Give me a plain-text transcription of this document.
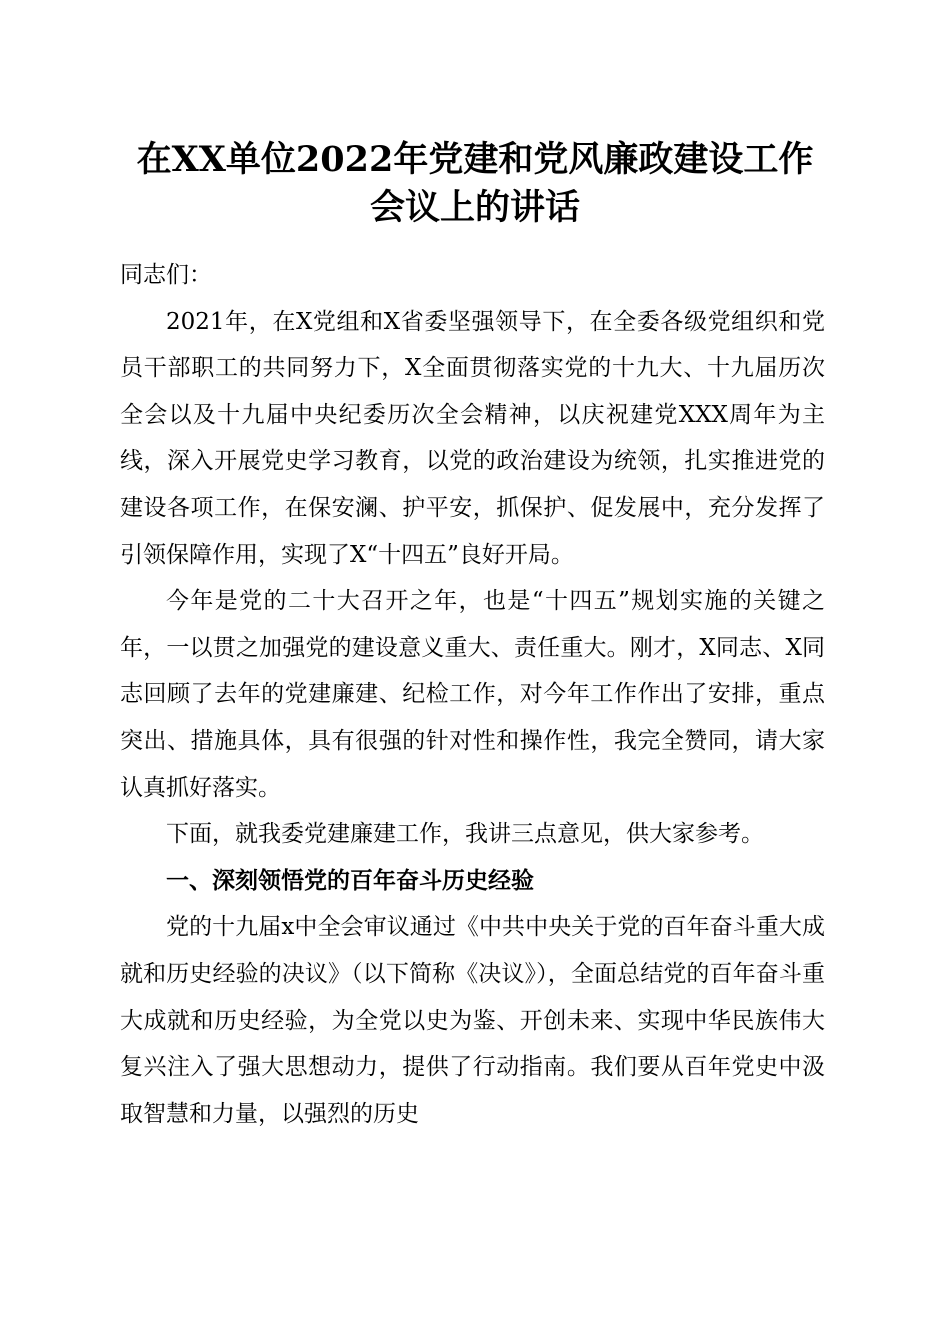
在XX单位2022年党建和党风廉政建设工作
会议上的讲话

同志们：

2021年，在X党组和X省委坚强领导下，在全委各级党组织和党员干部职工的共同努力下，X全面贯彻落实党的十九大、十九届历次全会以及十九届中央纪委历次全会精神，以庆祝建党XXX周年为主线，深入开展党史学习教育，以党的政治建设为统领，扎实推进党的建设各项工作，在保安澜、护平安，抓保护、促发展中，充分发挥了引领保障作用，实现了X“十四五”良好开局。

今年是党的二十大召开之年，也是“十四五”规划实施的关键之年，一以贯之加强党的建设意义重大、责任重大。刚才，X同志、X同志回顾了去年的党建廉建、纪检工作，对今年工作作出了安排，重点突出、措施具体，具有很强的针对性和操作性，我完全赞同，请大家认真抓好落实。

下面，就我委党建廉建工作，我讲三点意见，供大家参考。

一、深刻领悟党的百年奋斗历史经验

党的十九届x中全会审议通过《中共中央关于党的百年奋斗重大成就和历史经验的决议》（以下简称《决议》），全面总结党的百年奋斗重大成就和历史经验，为全党以史为鉴、开创未来、实现中华民族伟大复兴注入了强大思想动力，提供了行动指南。我们要从百年党史中汲取智慧和力量，以强烈的历史
